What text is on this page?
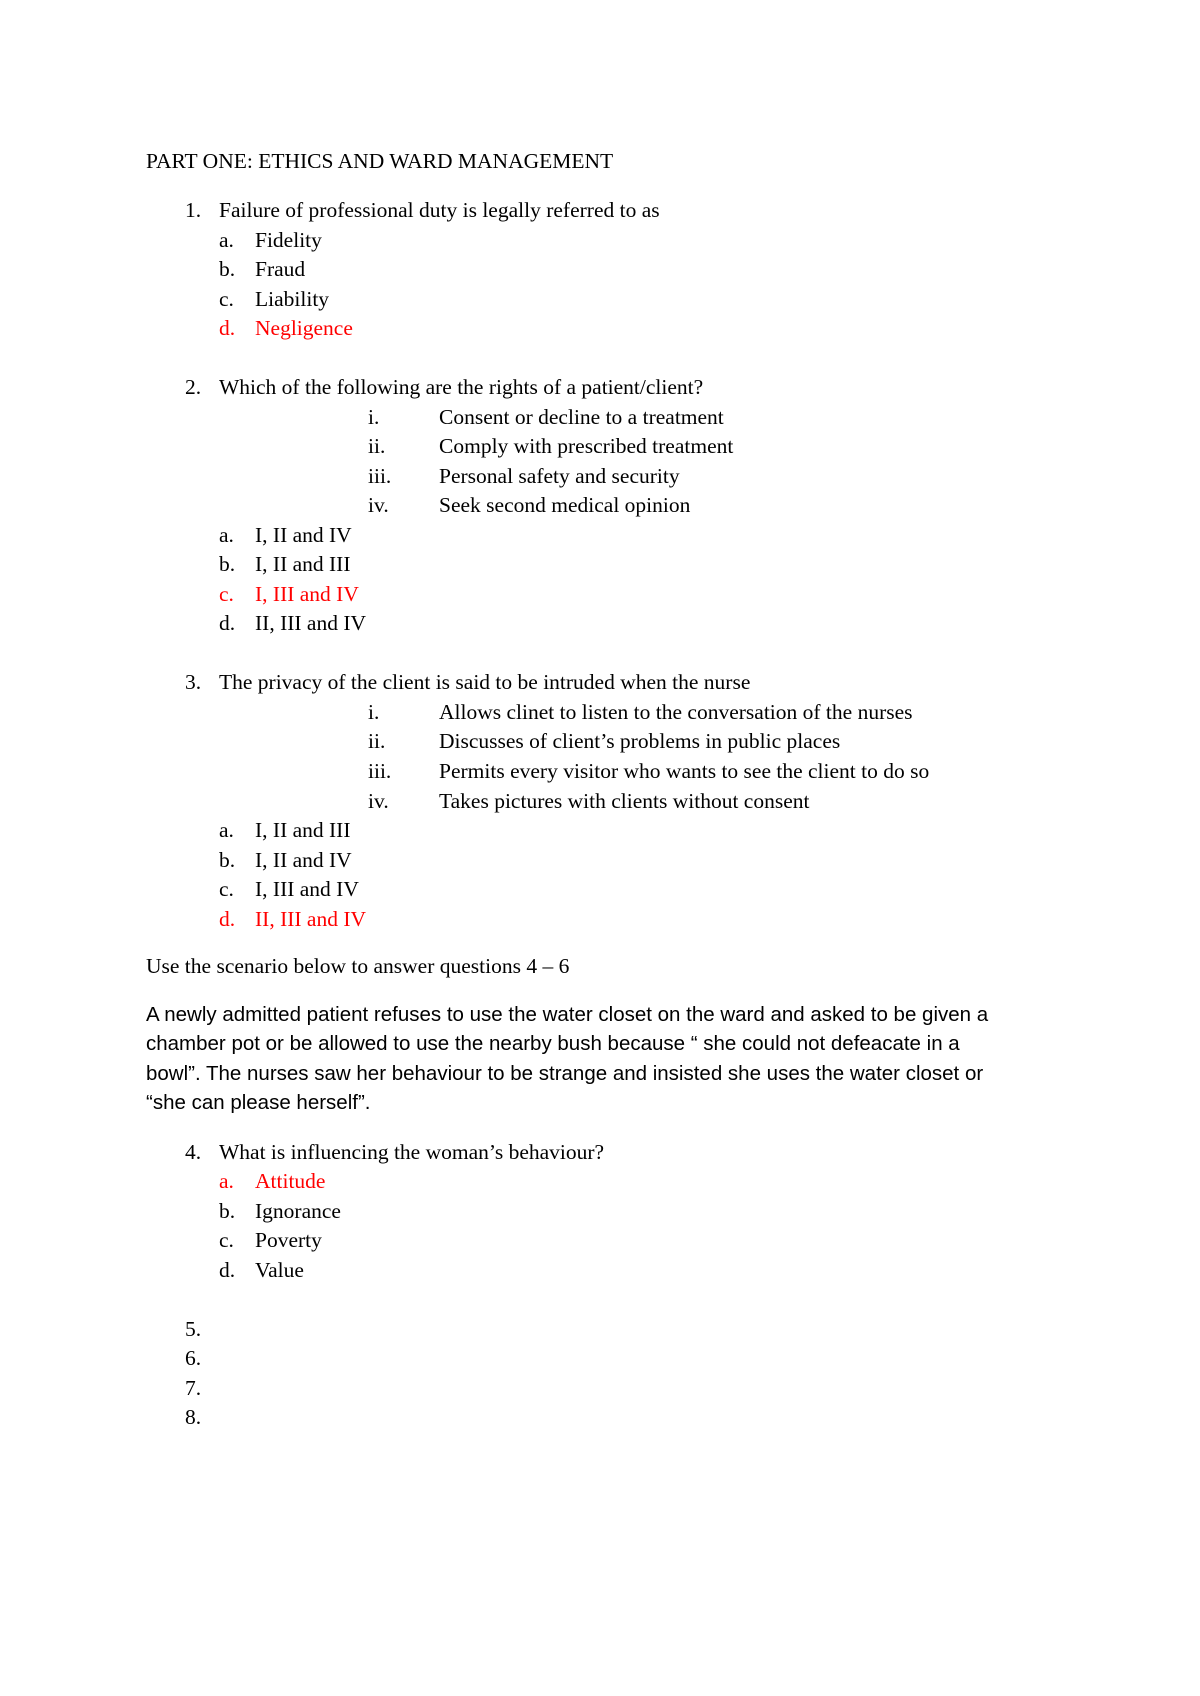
PART ONE: ETHICS AND WARD MANAGEMENT
1. Failure of professional duty is legally referred to as
a. Fidelity
b. Fraud
c. Liability
d. Negligence
2. Which of the following are the rights of a patient/client?
i.	Consent or decline to a treatment
ii. Comply with prescribed treatment
iii. Personal safety and security
iv. Seek second medical opinion
a. I, II and IV
b. I, II and III
c. I, III and IV
d. II, III and IV
3. The privacy of the client is said to be intruded when the nurse
i.	Allows clinet to listen to the conversation of the nurses
ii. Discusses of client’s problems in public places
iii. Permits every visitor who wants to see the client to do so
iv. Takes pictures with clients without consent
a. I, II and III
b. I, II and IV
c. I, III and IV
d. II, III and IV
Use the scenario below to answer questions 4 – 6
A newly admitted patient refuses to use the water closet on the ward and asked to be given a
chamber pot or be allowed to use the nearby bush because “ she could not defeacate in a
bowl”. The nurses saw her behaviour to be strange and insisted she uses the water closet or
“she can please herself”.
4. What is influencing the woman’s behaviour?
a. Attitude
b. Ignorance
c. Poverty
d. Value
5.
6.
7.
8.
